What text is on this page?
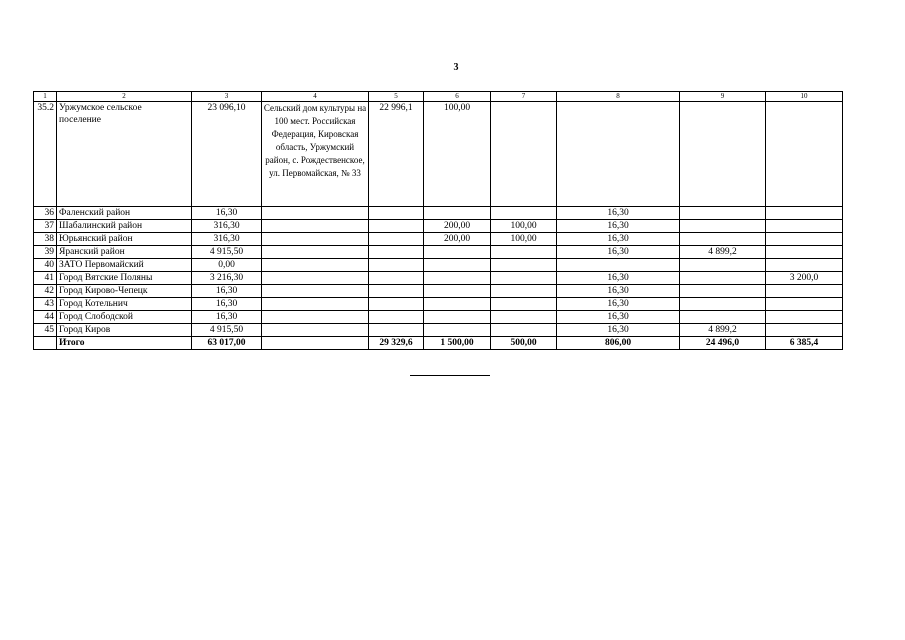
3
1	2	3	4	5	6	7	8	9	10
35.2	Уржумское сельское поселение	23 096,10	Сельский дом культуры на 100 мест. Российская Федерация, Кировская область, Уржумский район, с. Рождественское, ул. Первомайская, № 33	22 996,1	100,00				
36	Фаленский район	16,30					16,30		
37	Шабалинский район	316,30			200,00	100,00	16,30		
38	Юрьянский район	316,30			200,00	100,00	16,30		
39	Яранский район	4 915,50					16,30	4 899,2	
40	ЗАТО Первомайский	0,00							
41	Город Вятские Поляны	3 216,30					16,30		3 200,0
42	Город Кирово-Чепецк	16,30					16,30		
43	Город Котельнич	16,30					16,30		
44	Город Слободской	16,30					16,30		
45	Город Киров	4 915,50					16,30	4 899,2	
	Итого	63 017,00		29 329,6	1 500,00	500,00	806,00	24 496,0	6 385,4
